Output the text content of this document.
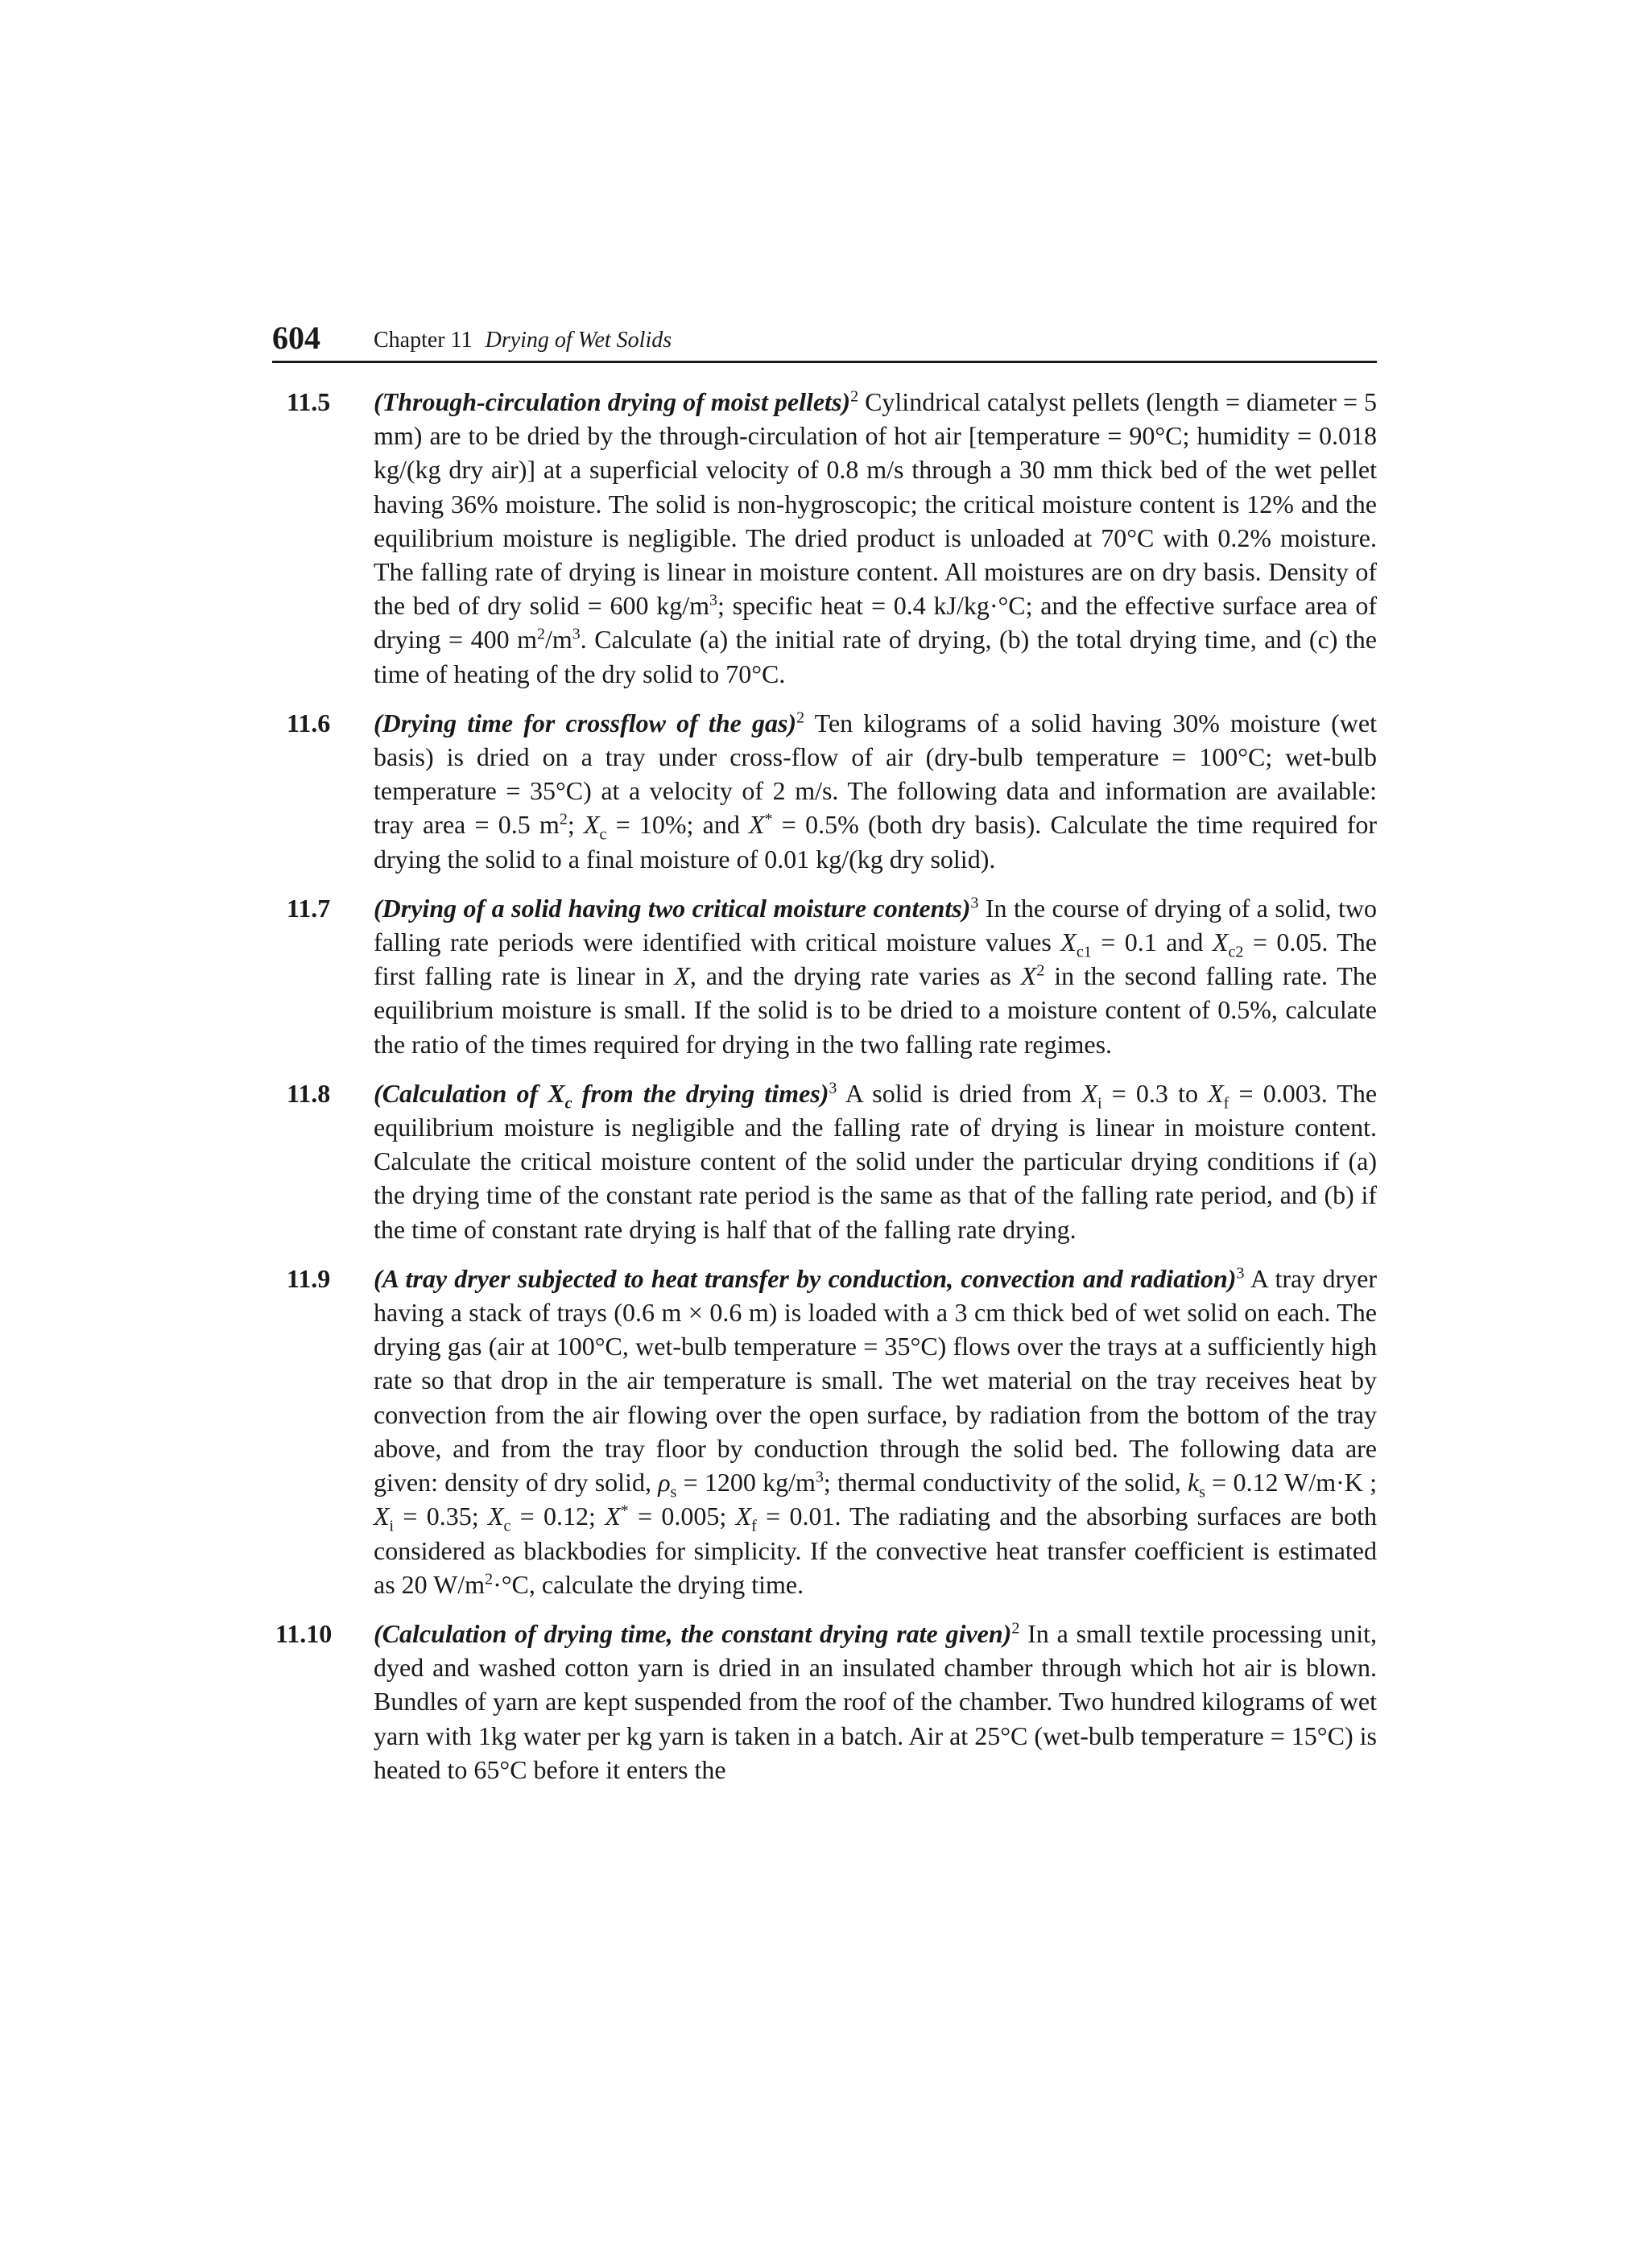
604 Chapter 11 Drying of Wet Solids
11.5 (Through-circulation drying of moist pellets)$^2$ Cylindrical catalyst pellets (length = diameter = 5 mm) are to be dried by the through-circulation of hot air [temperature = 90°C; humidity = 0.018 kg/(kg dry air)] at a superficial velocity of 0.8 m/s through a 30 mm thick bed of the wet pellet having 36% moisture. The solid is non-hygroscopic; the critical moisture content is 12% and the equilibrium moisture is negligible. The dried product is unloaded at 70°C with 0.2% moisture. The falling rate of drying is linear in moisture content. All moistures are on dry basis. Density of the bed of dry solid = 600 $kg/m^3$; specific heat = 0.4 kJ/kg·°C; and the effective surface area of drying = 400 $m^2/m^3$. Calculate (a) the initial rate of drying, (b) the total drying time, and (c) the time of heating of the dry solid to 70°C.
11.6 (Drying time for crossflow of the gas)$^2$ Ten kilograms of a solid having 30% moisture (wet basis) is dried on a tray under cross-flow of air (dry-bulb temperature = 100°C; wet-bulb temperature = 35°C) at a velocity of 2 m/s. The following data and information are available: tray area = 0.5 $m^2$; $X_c = 10\%$; and X* = 0.5% (both dry basis). Calculate the time required for drying the solid to a final moisture of 0.01 kg/(kg dry solid).
11.7 (Drying of a solid having two critical moisture contents)$^3$ In the course of drying of a solid, two falling rate periods were identified with critical moisture values $X_{c1} = 0.1$ and $X_{c2} = 0.05$. The first falling rate is linear in X, and the drying rate varies as $X^2$ in the second falling rate. The equilibrium moisture is small. If the solid is to be dried to a moisture content of 0.5%, calculate the ratio of the times required for drying in the two falling rate regimes.
11.8 (Calculation of $X_c$ from the drying times)$^3$ A solid is dried from $X_i = 0.3$ to $X_f = 0.003$. The equilibrium moisture is negligible and the falling rate of drying is linear in moisture content. Calculate the critical moisture content of the solid under the particular drying conditions if (a) the drying time of the constant rate period is the same as that of the falling rate period, and (b) if the time of constant rate drying is half that of the falling rate drying.
11.9 (A tray dryer subjected to heat transfer by conduction, convection and radiation)$^3$ A tray dryer having a stack of trays (0.6 m × 0.6 m) is loaded with a 3 cm thick bed of wet solid on each. The drying gas (air at 100°C, wet-bulb temperature = 35°C) flows over the trays at a sufficiently high rate so that drop in the air temperature is small. The wet material on the tray receives heat by convection from the air flowing over the open surface, by radiation from the bottom of the tray above, and from the tray floor by conduction through the solid bed. The following data are given: density of dry solid, $\rho_s = 1200$ $kg/m^3$; thermal conductivity of the solid, $k_s = 0.12$ W/m·K ; $X_i = 0.35$; $X_c = 0.12$; X* = 0.005; $X_f = 0.01$. The radiating and the absorbing surfaces are both considered as blackbodies for simplicity. If the convective heat transfer coefficient is estimated as 20 $W/m^2\cdot^\circ C$, calculate the drying time.
11.10 (Calculation of drying time, the constant drying rate given)$^2$ In a small textile processing unit, dyed and washed cotton yarn is dried in an insulated chamber through which hot air is blown. Bundles of yarn are kept suspended from the roof of the chamber. Two hundred kilograms of wet yarn with 1kg water per kg yarn is taken in a batch. Air at 25°C (wet-bulb temperature = 15°C) is heated to 65°C before it enters the
